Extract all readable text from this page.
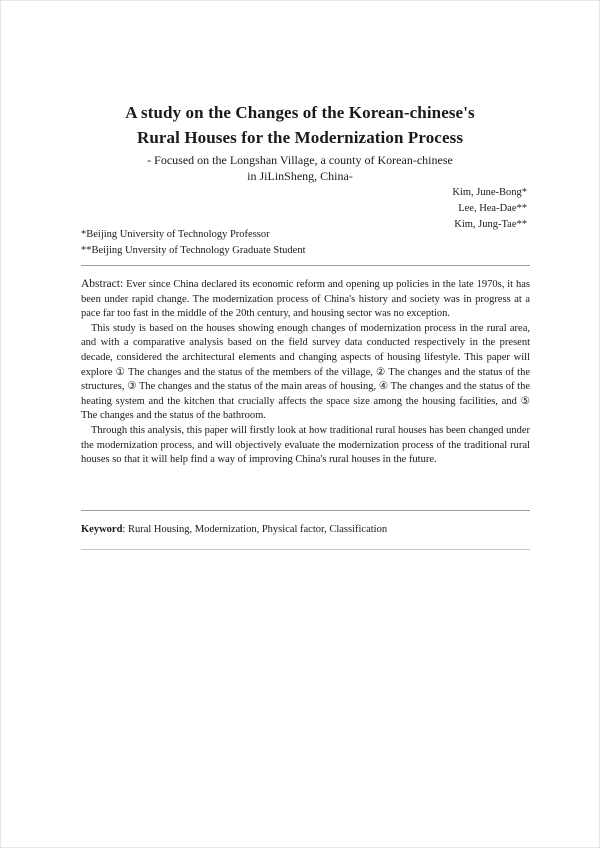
A study on the Changes of the Korean-chinese's
Rural Houses for the Modernization Process
- Focused on the Longshan Village, a county of Korean-chinese
in JiLinSheng, China-
Kim, June-Bong*
Lee, Hea-Dae**
Kim, Jung-Tae**
*Beijing University of Technology Professor
**Beijing Unversity of Technology Graduate Student

Abstract: Ever since China declared its economic reform and opening up policies in the late 1970s, it has been under rapid change. The modernization process of China's history and society was in progress at a pace far too fast in the middle of the 20th century, and housing sector was no exception.

This study is based on the houses showing enough changes of modernization process in the rural area, and with a comparative analysis based on the field survey data conducted respectively in the present decade, considered the architectural elements and changing aspects of housing lifestyle. This paper will explore ① The changes and the status of the members of the village, ② The changes and the status of the structures, ③ The changes and the status of the main areas of housing, ④ The changes and the status of the heating system and the kitchen that crucially affects the space size among the housing facilities, and ⑤ The changes and the status of the bathroom.

Through this analysis, this paper will firstly look at how traditional rural houses has been changed under the modernization process, and will objectively evaluate the modernization process of the traditional rural houses so that it will help find a way of improving China's rural houses in the future.

Keyword: Rural Housing, Modernization, Physical factor, Classification
